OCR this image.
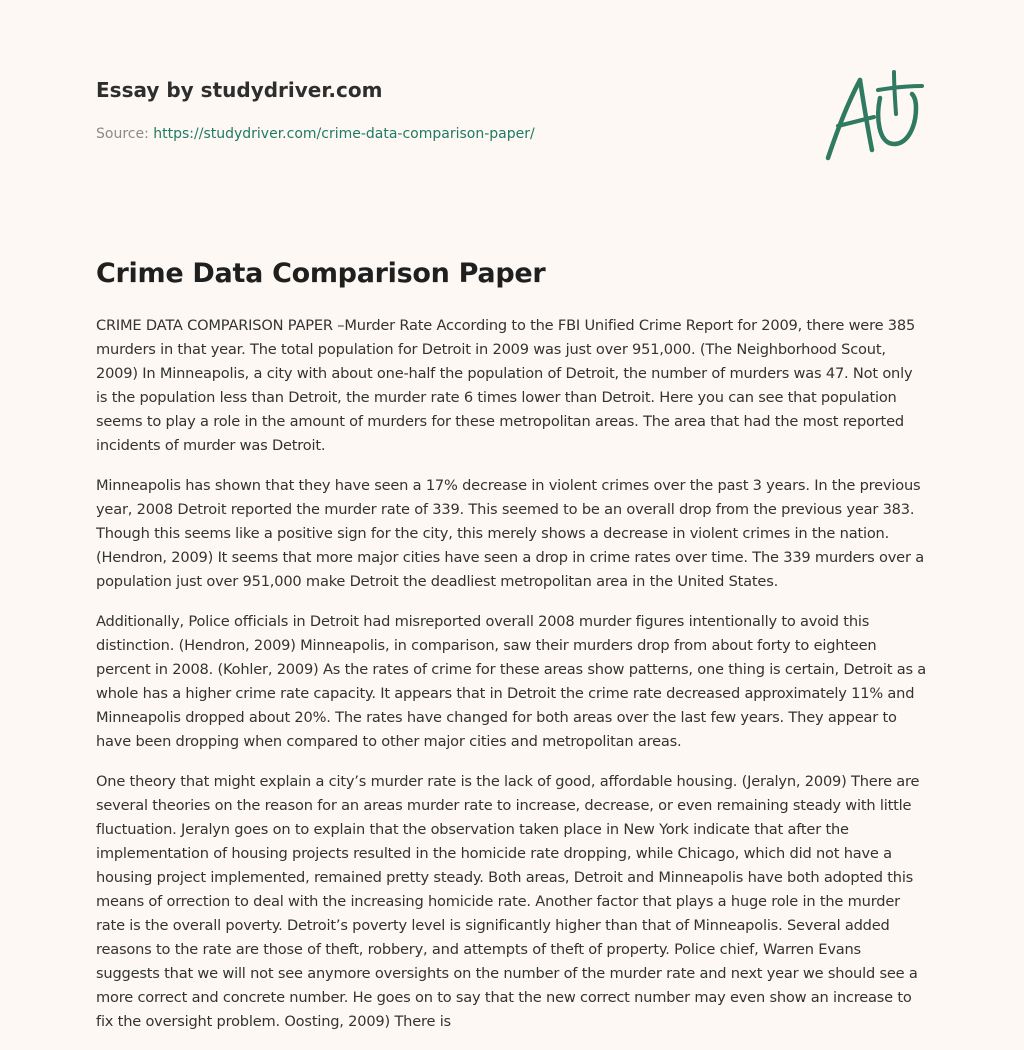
Essay by studydriver.com

Source: https://studydriver.com/crime-data-comparison-paper/
Crime Data Comparison Paper

CRIME DATA COMPARISON PAPER –Murder Rate According to the FBI Unified Crime Report for 2009, there were 385 murders in that year. The total population for Detroit in 2009 was just over 951,000. (The Neighborhood Scout, 2009) In Minneapolis, a city with about one-half the population of Detroit, the number of murders was 47. Not only is the population less than Detroit, the murder rate 6 times lower than Detroit. Here you can see that population seems to play a role in the amount of murders for these metropolitan areas. The area that had the most reported incidents of murder was Detroit.

Minneapolis has shown that they have seen a 17% decrease in violent crimes over the past 3 years. In the previous year, 2008 Detroit reported the murder rate of 339. This seemed to be an overall drop from the previous year 383. Though this seems like a positive sign for the city, this merely shows a decrease in violent crimes in the nation. (Hendron, 2009) It seems that more major cities have seen a drop in crime rates over time. The 339 murders over a population just over 951,000 make Detroit the deadliest metropolitan area in the United States.

Additionally, Police officials in Detroit had misreported overall 2008 murder figures intentionally to avoid this distinction. (Hendron, 2009) Minneapolis, in comparison, saw their murders drop from about forty to eighteen percent in 2008. (Kohler, 2009) As the rates of crime for these areas show patterns, one thing is certain, Detroit as a whole has a higher crime rate capacity. It appears that in Detroit the crime rate decreased approximately 11% and Minneapolis dropped about 20%. The rates have changed for both areas over the last few years. They appear to have been dropping when compared to other major cities and metropolitan areas.

One theory that might explain a city’s murder rate is the lack of good, affordable housing. (Jeralyn, 2009) There are several theories on the reason for an areas murder rate to increase, decrease, or even remaining steady with little fluctuation. Jeralyn goes on to explain that the observation taken place in New York indicate that after the implementation of housing projects resulted in the homicide rate dropping, while Chicago, which did not have a housing project implemented, remained pretty steady. Both areas, Detroit and Minneapolis have both adopted this means of orrection to deal with the increasing homicide rate. Another factor that plays a huge role in the murder rate is the overall poverty. Detroit’s poverty level is significantly higher than that of Minneapolis. Several added reasons to the rate are those of theft, robbery, and attempts of theft of property. Police chief, Warren Evans suggests that we will not see anymore oversights on the number of the murder rate and next year we should see a more correct and concrete number. He goes on to say that the new correct number may even show an increase to fix the oversight problem. Oosting, 2009) There is
